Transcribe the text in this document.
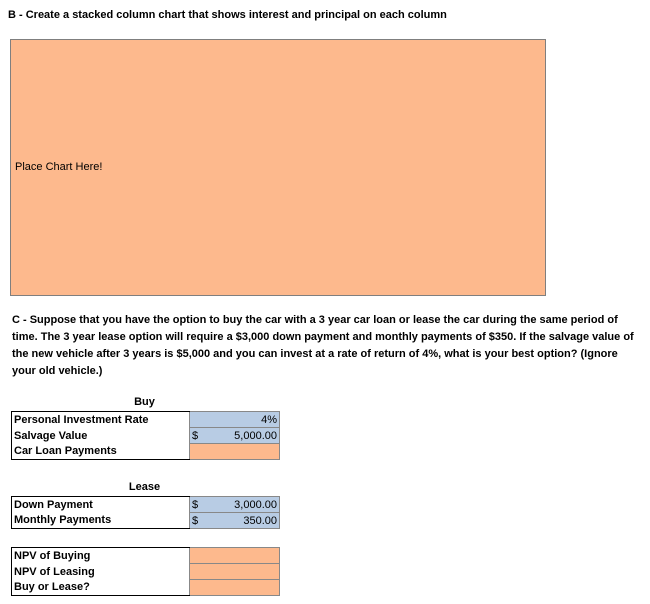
B - Create a stacked column chart that shows interest and principal on each column
Place Chart Here!
C - Suppose that you have the option to buy the car with a 3 year car loan or lease the car during the same period of time. The 3 year lease option will require a $3,000 down payment and monthly payments of $350. If the salvage value of the new vehicle after 3 years is $5,000 and you can invest at a rate of return of 4%, what is your best option? (Ignore your old vehicle.)
Buy
Personal Investment Rate	4%
Salvage Value	$ 5,000.00

Car Loan Payments	
Lease
Down Payment	$ 3,000.00

Monthly Payments	$ 350.00
NPV of Buying	
NPV of Leasing	
Buy or Lease?	
